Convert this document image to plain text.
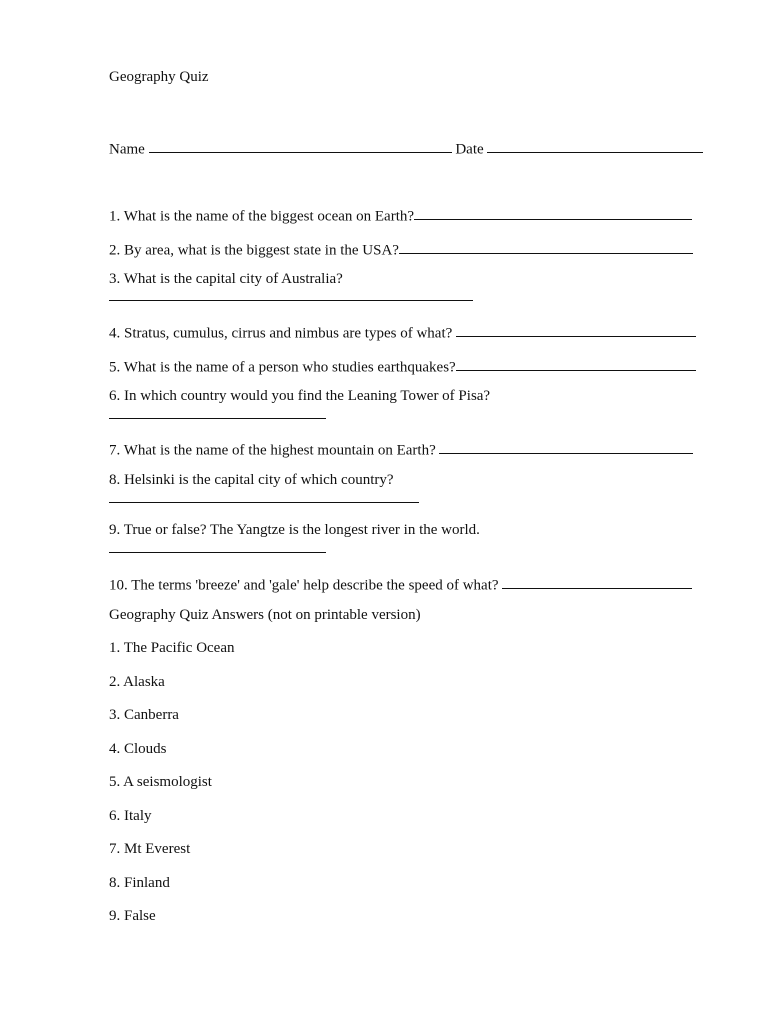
Geography Quiz
Name	Date
1. What is the name of the biggest ocean on Earth?
2. By area, what is the biggest state in the USA?
3. What is the capital city of Australia?
4. Stratus, cumulus, cirrus and nimbus are types of what?
5. What is the name of a person who studies earthquakes?
6. In which country would you find the Leaning Tower of Pisa?
7. What is the name of the highest mountain on Earth?
8. Helsinki is the capital city of which country?
9. True or false? The Yangtze is the longest river in the world.
10. The terms 'breeze' and 'gale' help describe the speed of what?
Geography Quiz Answers (not on printable version)
1. The Pacific Ocean
2. Alaska
3. Canberra
4. Clouds
5. A seismologist
6. Italy
7. Mt Everest
8. Finland
9. False
